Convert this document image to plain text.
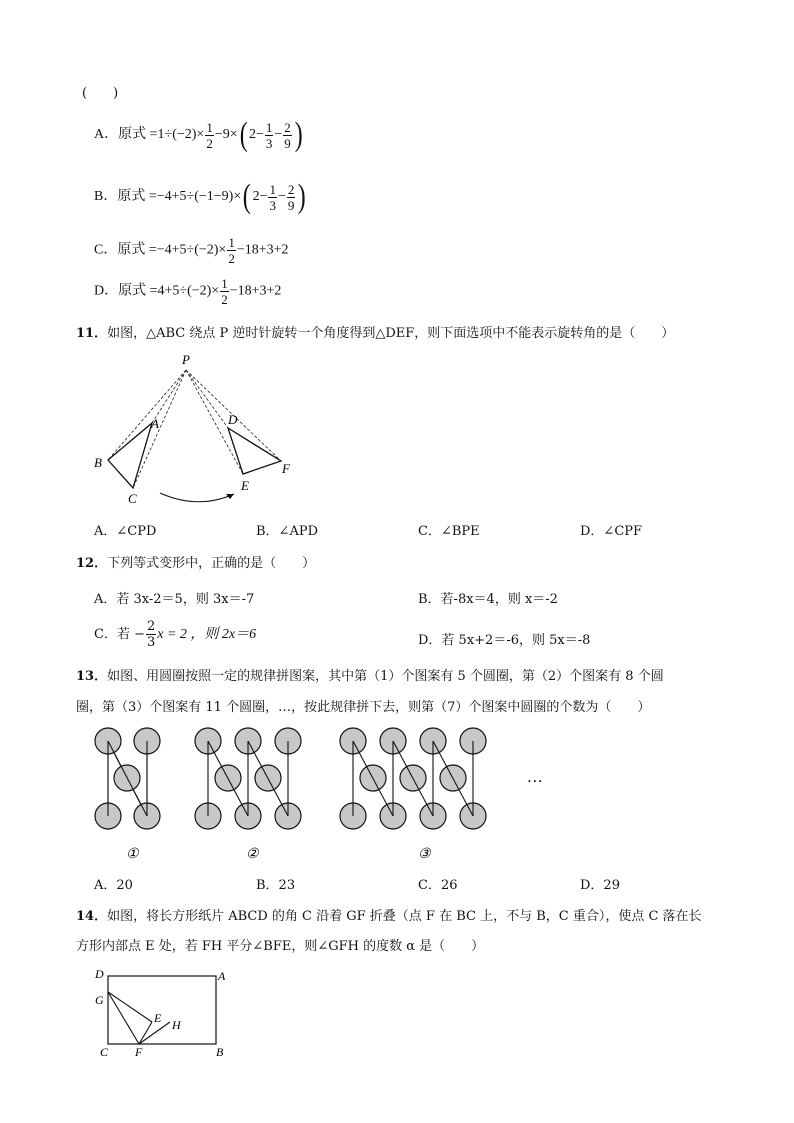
(　　)
A．原式 $=1\div(-2)\times \frac{1}{2} -9\times$( $2- \frac{1}{3} - \frac{2}{9}$ )
B．原式 =−4+5÷(−1−9)×( $2- \frac{1}{3} - \frac{2}{9}$ )
C．原式 $=-4+5\div(-2)\times \frac{1}{2} -18+3+2$
D．原式 $=4+5\div(-2)\times \frac{1}{2} -18+3+2$
11．如图，△ABC 绕点 P 逆时针旋转一个角度得到△DEF，则下面选项中不能表示旋转角的是（　　）
P
A
B
C
D
E
F
A．∠CPD	B．∠APD	C．∠BPE	D．∠CPF
12．下列等式变形中，正确的是（　　）
A．若 3x-2＝5，则 3x＝-7	B．若-8x＝4，则 x＝-2
C．若 − $\frac{2}{3}$ x = 2 ，则 2x＝6	D．若 5x+2＝-6，则 5x＝-8
13．如图、用圆圈按照一定的规律拼图案，其中第（1）个图案有 5 个圆圈，第（2）个图案有 8 个圆
圈，第（3）个图案有 11 个圆圈，…，按此规律拼下去，则第（7）个图案中圆圈的个数为（　　）
…
①	②	③
A．20	B．23	C．26	D．29
14．如图，将长方形纸片 ABCD 的角 C 沿着 GF 折叠（点 F 在 BC 上，不与 B，C 重合），使点 C 落在长
方形内部点 E 处，若 FH 平分∠BFE，则∠GFH 的度数 α 是（　　）
D	A
G
E H
C F	B
